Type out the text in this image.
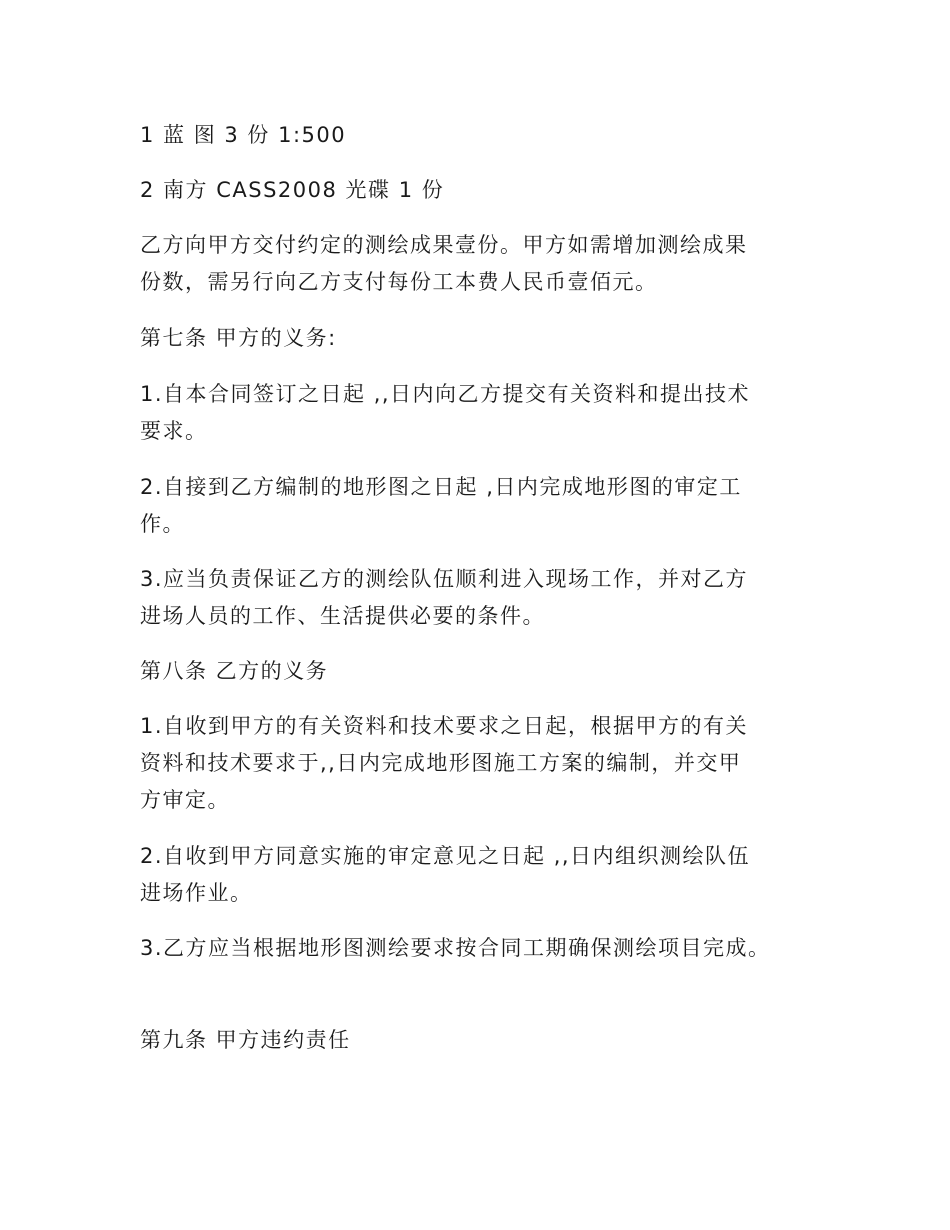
1 蓝 图 3 份 1:500
2 南方 CASS2008 光碟 1 份
乙方向甲方交付约定的测绘成果壹份。甲方如需增加测绘成果
份数，需另行向乙方支付每份工本费人民币壹佰元。
第七条 甲方的义务:
1.自本合同签订之日起 ,,日内向乙方提交有关资料和提出技术
要求。
2.自接到乙方编制的地形图之日起 ,日内完成地形图的审定工
作。
3.应当负责保证乙方的测绘队伍顺利进入现场工作，并对乙方
进场人员的工作、生活提供必要的条件。
第八条 乙方的义务
1.自收到甲方的有关资料和技术要求之日起，根据甲方的有关
资料和技术要求于,,日内完成地形图施工方案的编制，并交甲
方审定。
2.自收到甲方同意实施的审定意见之日起 ,,日内组织测绘队伍
进场作业。
3.乙方应当根据地形图测绘要求按合同工期确保测绘项目完成。
第九条 甲方违约责任
